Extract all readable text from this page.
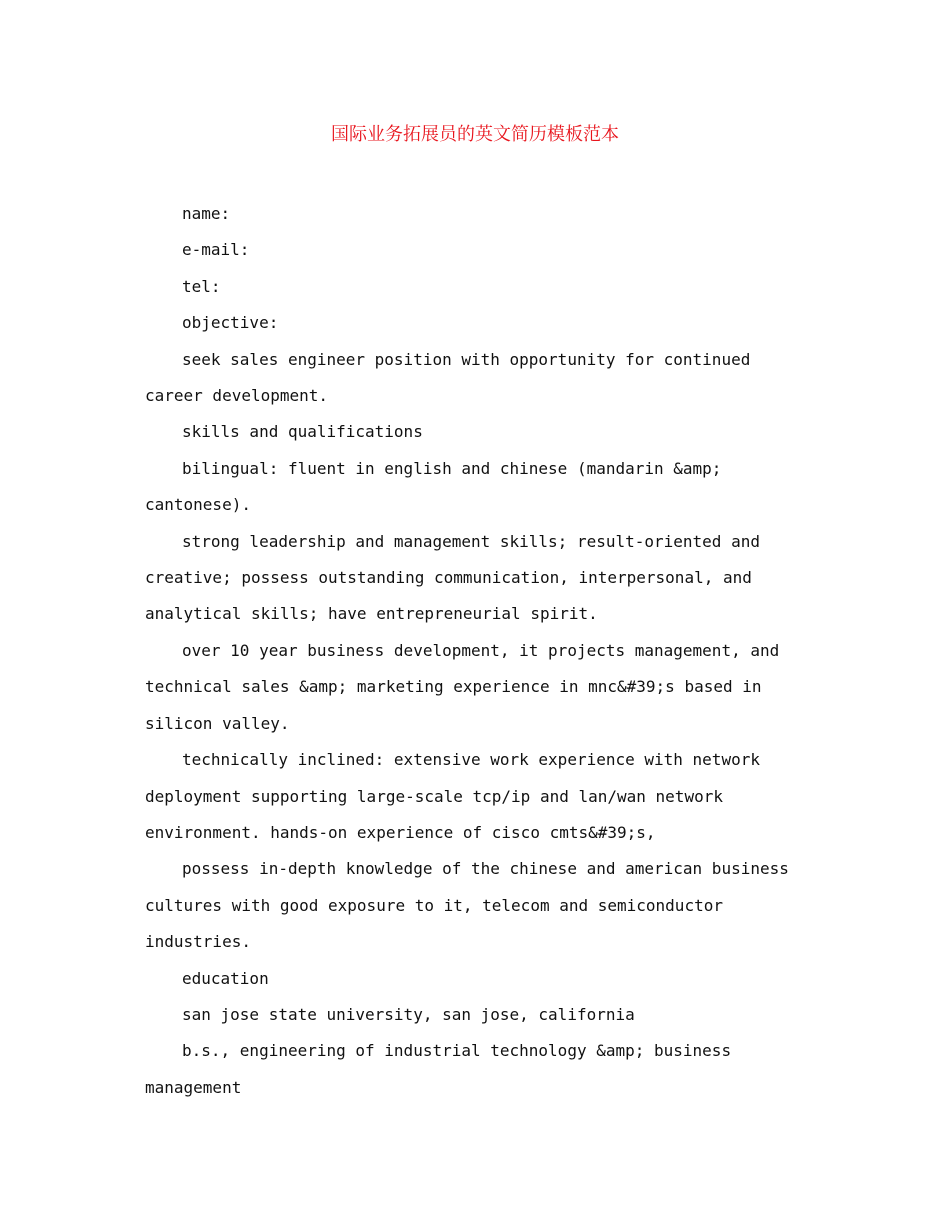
国际业务拓展员的英文简历模板范本

name:

e-mail:

tel:

objective:

seek sales engineer position with opportunity for continued career development.

skills and qualifications

bilingual: fluent in english and chinese (mandarin &amp; cantonese).

strong leadership and management skills; result-oriented and creative; possess outstanding communication, interpersonal, and analytical skills; have entrepreneurial spirit.

over 10 year business development, it projects management, and technical sales &amp; marketing experience in mnc&#39;s based in silicon valley.

technically inclined: extensive work experience with network deployment supporting large-scale tcp/ip and lan/wan network environment. hands-on experience of cisco cmts&#39;s,

possess in-depth knowledge of the chinese and american business cultures with good exposure to it, telecom and semiconductor industries.

education

san jose state university, san jose, california

b.s., engineering of industrial technology &amp; business management
